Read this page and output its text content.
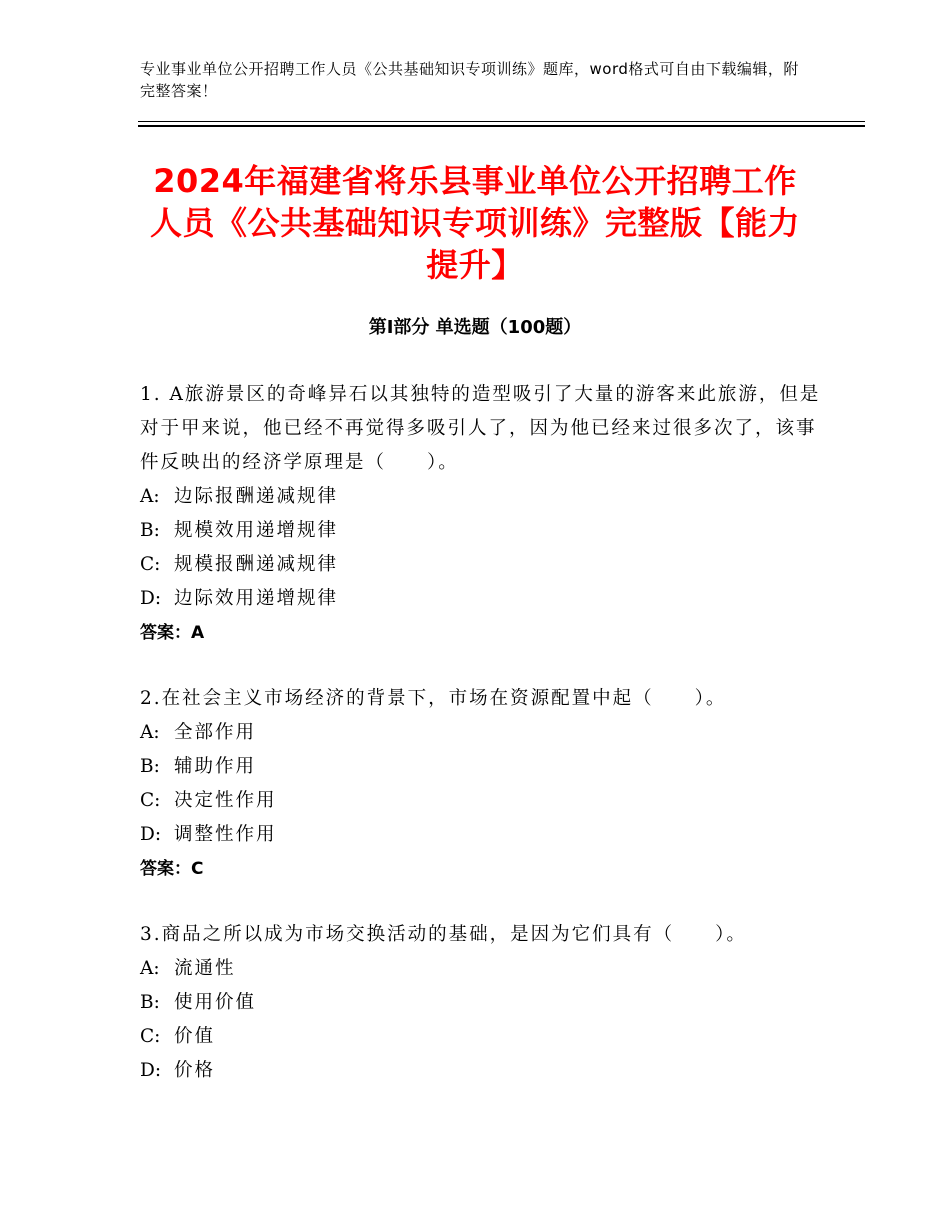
专业事业单位公开招聘工作人员《公共基础知识专项训练》题库，word格式可自由下载编辑，附完整答案！
2024年福建省将乐县事业单位公开招聘工作人员《公共基础知识专项训练》完整版【能力提升】
第Ⅰ部分 单选题（100题）

1. A旅游景区的奇峰异石以其独特的造型吸引了大量的游客来此旅游，但是对于甲来说，他已经不再觉得多吸引人了，因为他已经来过很多次了，该事件反映出的经济学原理是（　　）。

A: 边际报酬递减规律
B: 规模效用递增规律
C: 规模报酬递减规律
D: 边际效用递增规律
答案：A

2.在社会主义市场经济的背景下，市场在资源配置中起（　　）。

A: 全部作用
B: 辅助作用
C: 决定性作用
D: 调整性作用
答案：C

3.商品之所以成为市场交换活动的基础，是因为它们具有（　　）。

A: 流通性
B: 使用价值
C: 价值
D: 价格
